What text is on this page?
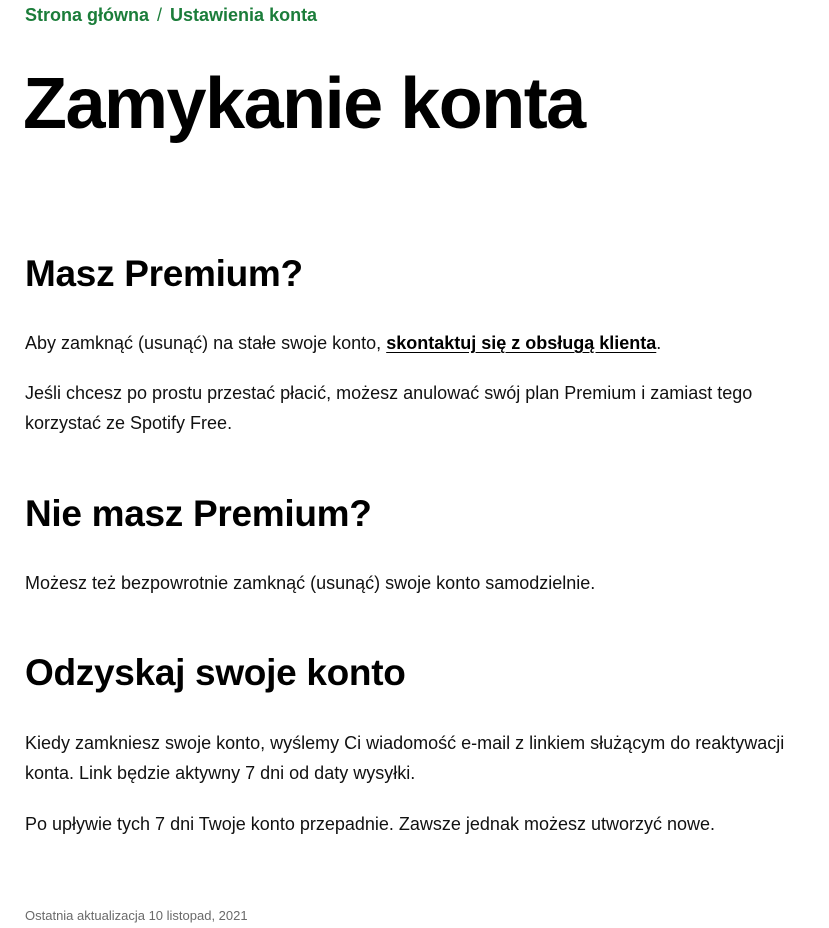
Strona główna / Ustawienia konta
Zamykanie konta
Masz Premium?

Aby zamknąć (usunąć) na stałe swoje konto, skontaktuj się z obsługą klienta.

Jeśli chcesz po prostu przestać płacić, możesz anulować swój plan Premium i zamiast tego korzystać ze Spotify Free.

Nie masz Premium?

Możesz też bezpowrotnie zamknąć (usunąć) swoje konto samodzielnie.

Odzyskaj swoje konto

Kiedy zamkniesz swoje konto, wyślemy Ci wiadomość e-mail z linkiem służącym do reaktywacji konta. Link będzie aktywny 7 dni od daty wysyłki.

Po upływie tych 7 dni Twoje konto przepadnie. Zawsze jednak możesz utworzyć nowe.

Ostatnia aktualizacja 10 listopad, 2021
